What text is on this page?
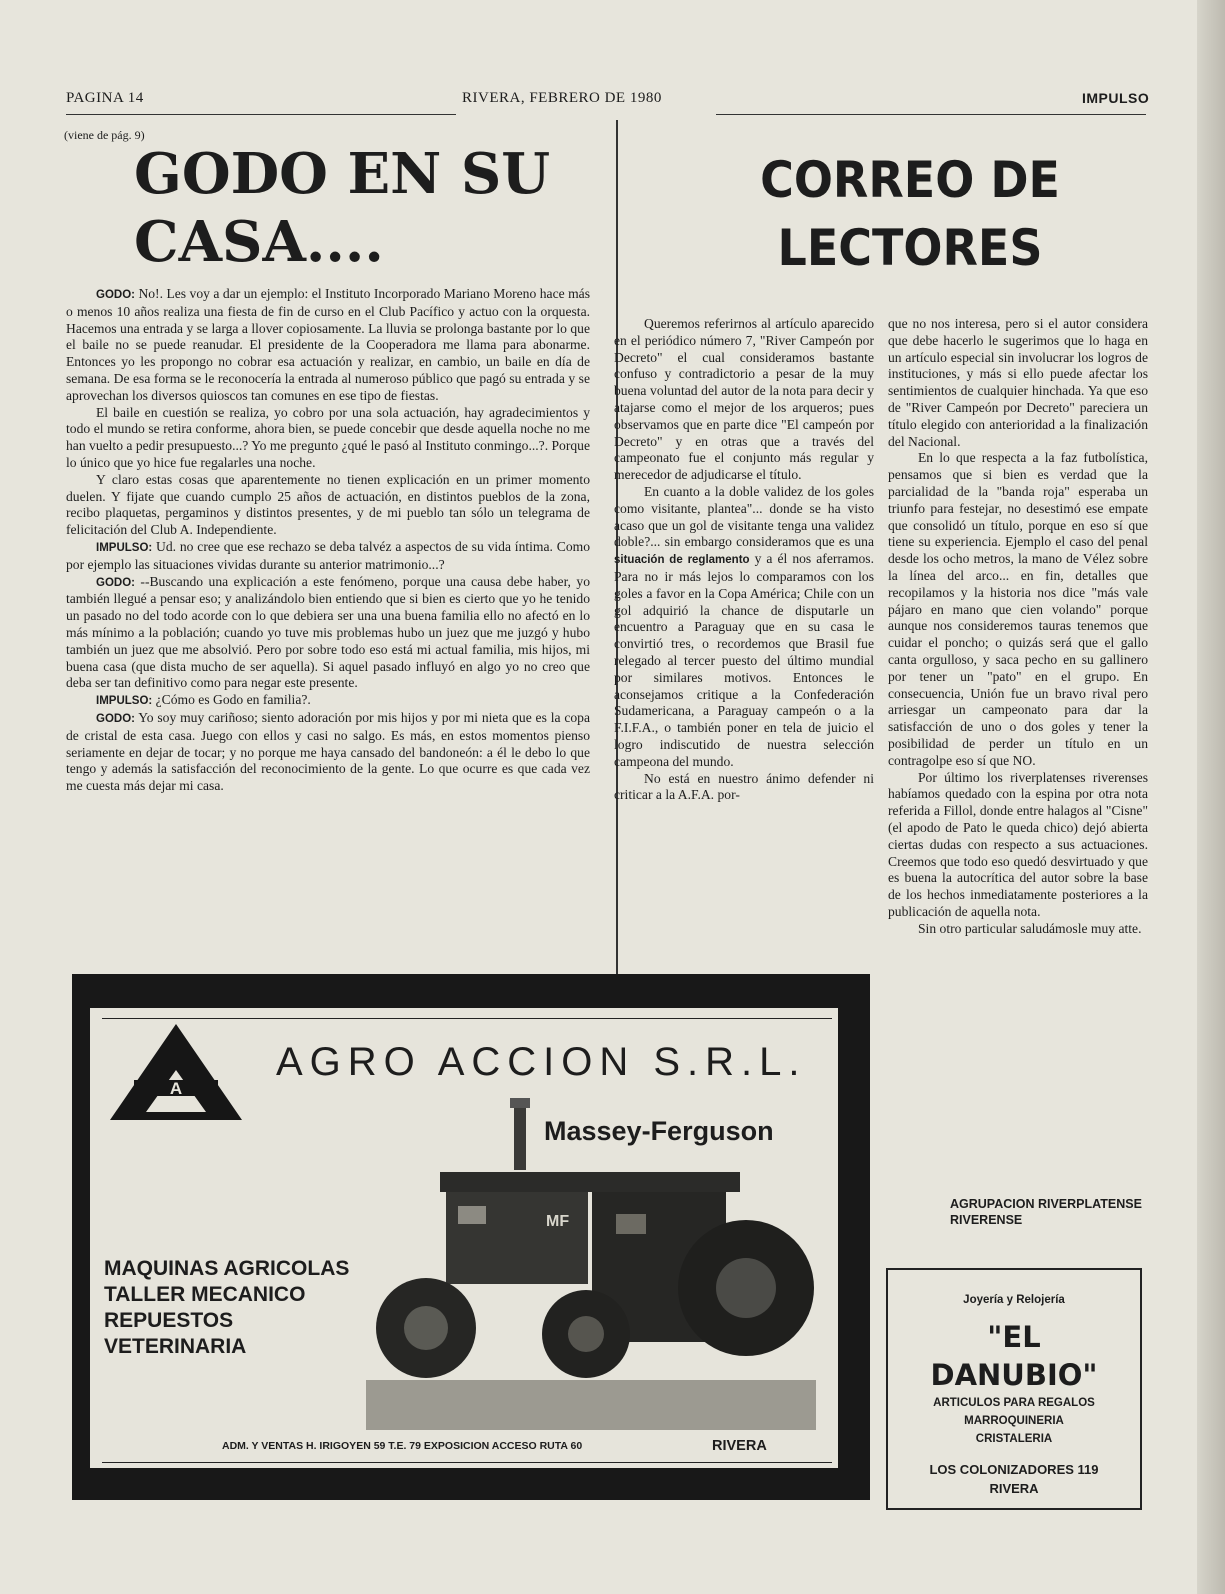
PAGINA 14	RIVERA, FEBRERO DE 1980	IMPULSO
(viene de pág. 9)
GODO EN SU
CASA....

GODO: No!. Les voy a dar un ejemplo: el Instituto Incorporado Mariano Moreno hace más o menos 10 años realiza una fiesta de fin de curso en el Club Pacífico y actuo con la orquesta. Hacemos una entrada y se larga a llover copiosamente. La lluvia se prolonga bastante por lo que el baile no se puede reanudar. El presidente de la Cooperadora me llama para abonarme. Entonces yo les propongo no cobrar esa actuación y realizar, en cambio, un baile en día de semana. De esa forma se le reconocería la entrada al numeroso público que pagó su entrada y se aprovechan los diversos quioscos tan comunes en ese tipo de fiestas.

El baile en cuestión se realiza, yo cobro por una sola actuación, hay agradecimientos y todo el mundo se retira conforme, ahora bien, se puede concebir que desde aquella noche no me han vuelto a pedir presupuesto...? Yo me pregunto ¿qué le pasó al Instituto conmingo...?. Porque lo único que yo hice fue regalarles una noche.

Y claro estas cosas que aparentemente no tienen explicación en un primer momento duelen. Y fijate que cuando cumplo 25 años de actuación, en distintos pueblos de la zona, recibo plaquetas, pergaminos y distintos presentes, y de mi pueblo tan sólo un telegrama de felicitación del Club A. Independiente.

IMPULSO: Ud. no cree que ese rechazo se deba talvéz a aspectos de su vida íntima. Como por ejemplo las situaciones vividas durante su anterior matrimonio...?

GODO: --Buscando una explicación a este fenómeno, porque una causa debe haber, yo también llegué a pensar eso; y analizándolo bien entiendo que si bien es cierto que yo he tenido un pasado no del todo acorde con lo que debiera ser una una buena familia ello no afectó en lo más mínimo a la población; cuando yo tuve mis problemas hubo un juez que me juzgó y hubo también un juez que me absolvió. Pero por sobre todo eso está mi actual familia, mis hijos, mi buena casa (que dista mucho de ser aquella). Si aquel pasado influyó en algo yo no creo que deba ser tan definitivo como para negar este presente.

IMPULSO: ¿Cómo es Godo en familia?.

GODO: Yo soy muy cariñoso; siento adoración por mis hijos y por mi nieta que es la copa de cristal de esta casa. Juego con ellos y casi no salgo. Es más, en estos momentos pienso seriamente en dejar de tocar; y no porque me haya cansado del bandoneón: a él le debo lo que tengo y además la satisfacción del reconocimiento de la gente. Lo que ocurre es que cada vez me cuesta más dejar mi casa.

CORREO DE
LECTORES

Queremos referirnos al artículo aparecido en el periódico número 7, "River Campeón por Decreto" el cual consideramos bastante confuso y contradictorio a pesar de la muy buena voluntad del autor de la nota para decir y atajarse como el mejor de los arqueros; pues observamos que en parte dice "El campeón por Decreto" y en otras que a través del campeonato fue el conjunto más regular y merecedor de adjudicarse el título.

En cuanto a la doble validez de los goles como visitante, plantea"... donde se ha visto acaso que un gol de visitante tenga una validez doble?... sin embargo consideramos que es una situación de reglamento y a él nos aferramos. Para no ir más lejos lo comparamos con los goles a favor en la Copa América; Chile con un gol adquirió la chance de disputarle un encuentro a Paraguay que en su casa le convirtió tres, o recordemos que Brasil fue relegado al tercer puesto del último mundial por similares motivos. Entonces le aconsejamos critique a la Confederación Sudamericana, a Paraguay campeón o a la F.I.F.A., o también poner en tela de juicio el logro indiscutido de nuestra selección campeona del mundo.

No está en nuestro ánimo defender ni criticar a la A.F.A. por-

que no nos interesa, pero si el autor considera que debe hacerlo le sugerimos que lo haga en un artículo especial sin involucrar los logros de instituciones, y más si ello puede afectar los sentimientos de cualquier hinchada. Ya que eso de "River Campeón por Decreto" pareciera un título elegido con anterioridad a la finalización del Nacional.

En lo que respecta a la faz futbolística, pensamos que si bien es verdad que la parcialidad de la "banda roja" esperaba un triunfo para festejar, no desestimó ese empate que consolidó un título, porque en eso sí que tiene su experiencia. Ejemplo el caso del penal desde los ocho metros, la mano de Vélez sobre la línea del arco... en fin, detalles que recopilamos y la historia nos dice "más vale pájaro en mano que cien volando" porque aunque nos consideremos tauras tenemos que cuidar el poncho; o quizás será que el gallo canta orgulloso, y saca pecho en su gallinero por tener un "pato" en el grupo. En consecuencia, Unión fue un bravo rival pero arriesgar un campeonato para dar la satisfacción de uno o dos goles y tener la posibilidad de perder un título en un contragolpe eso sí que NO.

Por último los riverplatenses riverenses habíamos quedado con la espina por otra nota referida a Fillol, donde entre halagos al "Cisne" (el apodo de Pato le queda chico) dejó abierta ciertas dudas con respecto a sus actuaciones. Creemos que todo eso quedó desvirtuado y que es buena la autocrítica del autor sobre la base de los hechos inmediatamente posteriores a la publicación de aquella nota.

Sin otro particular saludámosle muy atte.

AGRUPACION RIVERPLATENSE
RIVERENSE
A
AGRO ACCION S.R.L.
MF
Massey-Ferguson
MAQUINAS AGRICOLAS
TALLER MECANICO
REPUESTOS
VETERINARIA
ADM. Y VENTAS H. IRIGOYEN 59 T.E. 79 EXPOSICION ACCESO RUTA 60	RIVERA
Joyería y Relojería
"EL
DANUBIO"
ARTICULOS PARA REGALOS
MARROQUINERIA
CRISTALERIA
LOS COLONIZADORES 119
RIVERA
